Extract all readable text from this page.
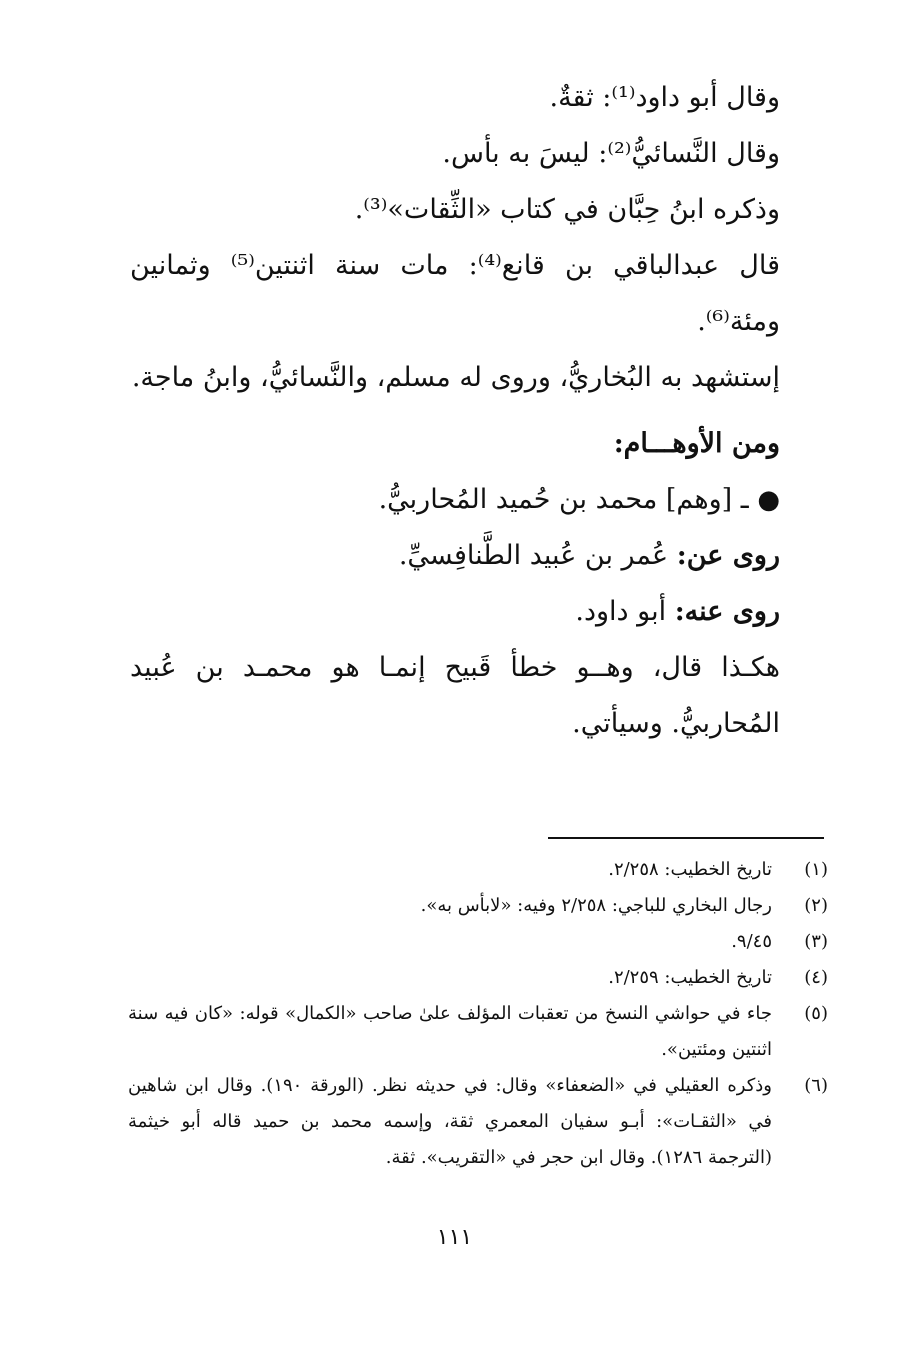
وقال أبو داود⁽¹⁾: ثقةٌ.

وقال النَّسائيُّ⁽²⁾: ليسَ به بأس.

وذكره ابنُ حِبَّان في كتاب «الثِّقات»⁽³⁾.

قال عبدالباقي بن قانع⁽⁴⁾: مات سنة اثنتين⁽⁵⁾ وثمانين ومئة⁽⁶⁾.

إستشهد به البُخاريُّ، وروى له مسلم، والنَّسائيُّ، وابنُ ماجة.

ومن الأوهـــام:

● ـ [وهم] محمد بن حُميد المُحاربيُّ.

روى عن: عُمر بن عُبيد الطَّنافِسيِّ.

روى عنه: أبو داود.

هكـذا قال، وهــو خطأ قَبيح إنمـا هو محمـد بن عُبيد المُحاربيُّ. وسيأتي.

(١)
تاريخ الخطيب: ٢/٢٥٨.
(٢)
رجال البخاري للباجي: ٢/٢٥٨ وفيه: «لابأس به».
(٣)
٩/٤٥.
(٤)
تاريخ الخطيب: ٢/٢٥٩.
(٥)
جاء في حواشي النسخ من تعقبات المؤلف علىٰ صاحب «الكمال» قوله: «كان فيه سنة اثنتين ومئتين».
(٦)
وذكره العقيلي في «الضعفاء» وقال: في حديثه نظر. (الورقة ١٩٠). وقال ابن شاهين في «الثقـات»: أبـو سفيان المعمري ثقة، وإسمه محمد بن حميد قاله أبو خيثمة (الترجمة ١٢٨٦). وقال ابن حجر في «التقريب». ثقة.
١١١
